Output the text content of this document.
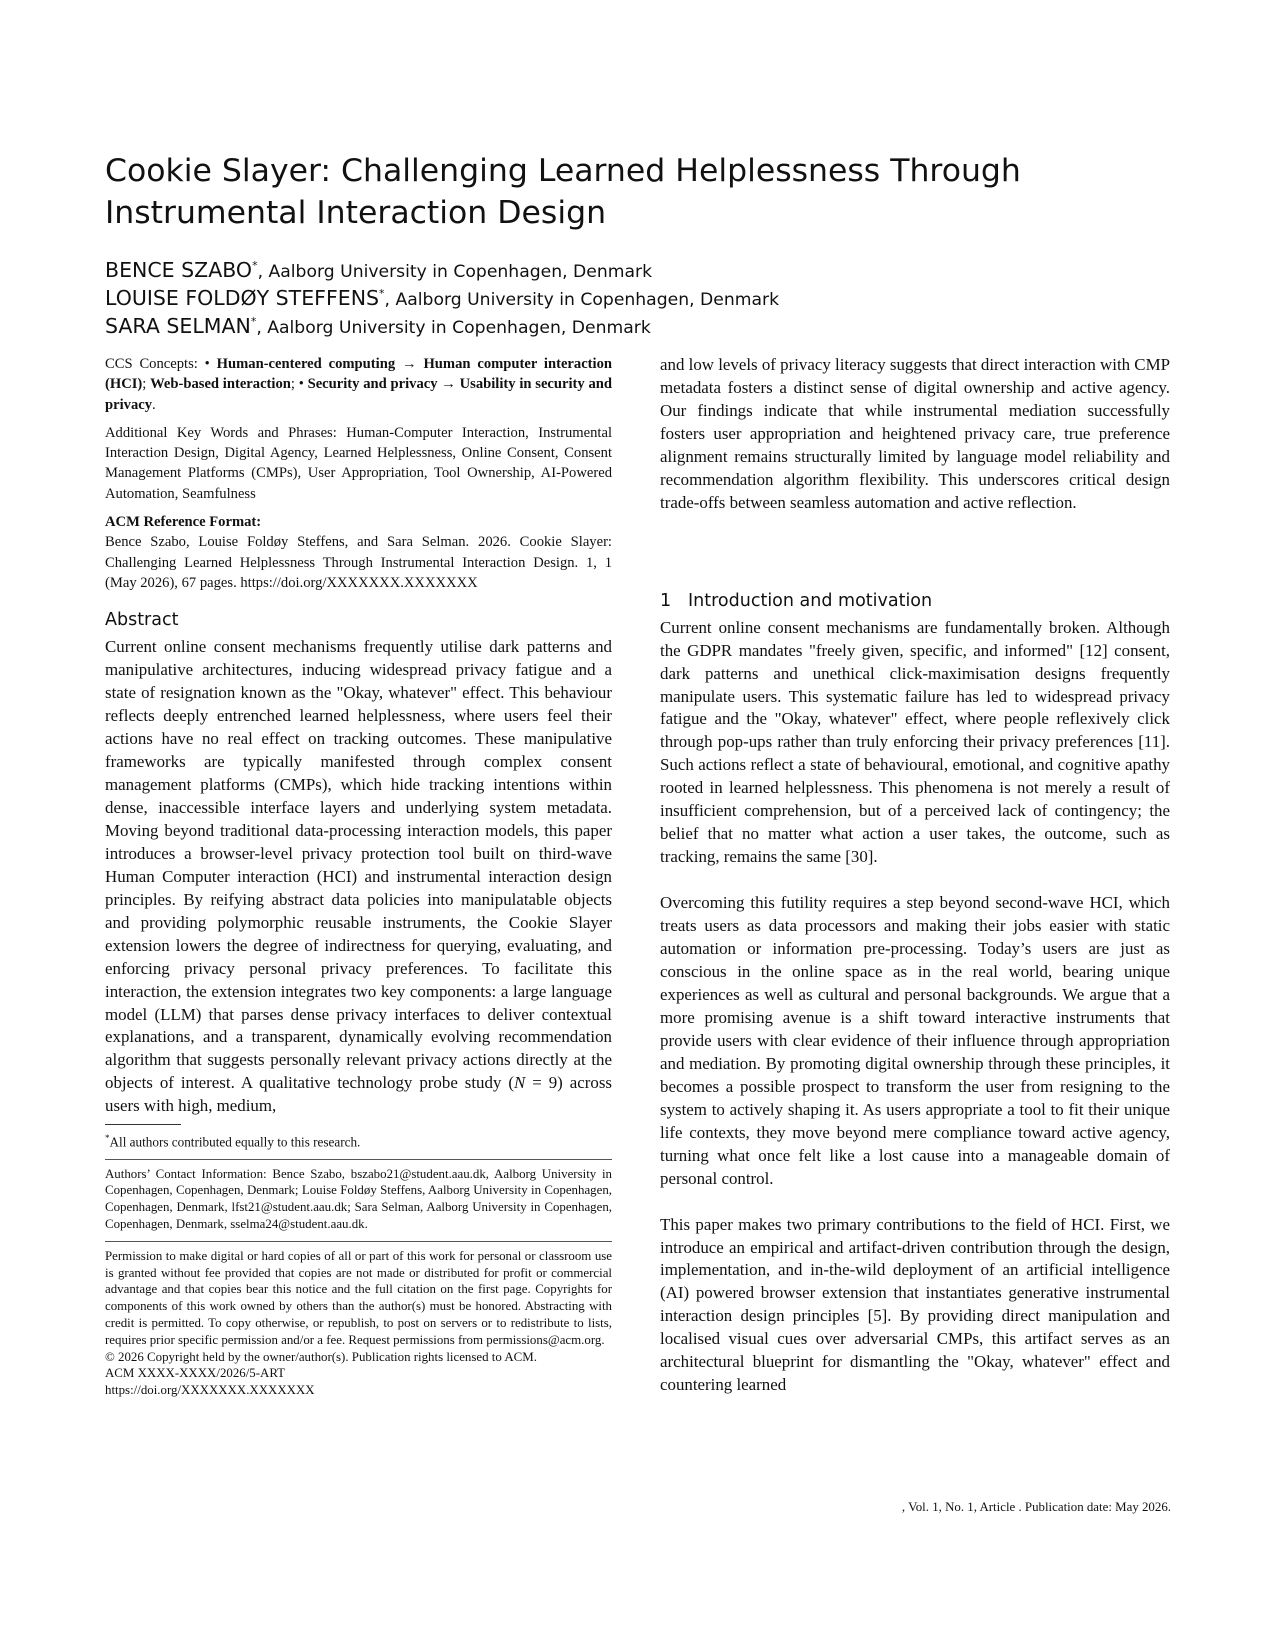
Cookie Slayer: Challenging Learned Helplessness Through Instrumental Interaction Design
BENCE SZABO*, Aalborg University in Copenhagen, Denmark
LOUISE FOLDØY STEFFENS*, Aalborg University in Copenhagen, Denmark
SARA SELMAN*, Aalborg University in Copenhagen, Denmark

CCS Concepts: • Human-centered computing → Human computer interaction (HCI); Web-based interaction; • Security and privacy → Usability in security and privacy.

Additional Key Words and Phrases: Human-Computer Interaction, Instrumental Interaction Design, Digital Agency, Learned Helplessness, Online Consent, Consent Management Platforms (CMPs), User Appropriation, Tool Ownership, AI-Powered Automation, Seamfulness

ACM Reference Format:

Bence Szabo, Louise Foldøy Steffens, and Sara Selman. 2026. Cookie Slayer: Challenging Learned Helplessness Through Instrumental Interaction Design. 1, 1 (May 2026), 67 pages. https://doi.org/XXXXXXX.XXXXXXX

Abstract

Current online consent mechanisms frequently utilise dark patterns and manipulative architectures, inducing widespread privacy fatigue and a state of resignation known as the "Okay, whatever" effect. This behaviour reflects deeply entrenched learned helplessness, where users feel their actions have no real effect on tracking outcomes. These manipulative frameworks are typically manifested through complex consent management platforms (CMPs), which hide tracking intentions within dense, inaccessible interface layers and underlying system metadata. Moving beyond traditional data-processing interaction models, this paper introduces a browser-level privacy protection tool built on third-wave Human Computer interaction (HCI) and instrumental interaction design principles. By reifying abstract data policies into manipulatable objects and providing polymorphic reusable instruments, the Cookie Slayer extension lowers the degree of indirectness for querying, evaluating, and enforcing privacy personal privacy preferences. To facilitate this interaction, the extension integrates two key components: a large language model (LLM) that parses dense privacy interfaces to deliver contextual explanations, and a transparent, dynamically evolving recommendation algorithm that suggests personally relevant privacy actions directly at the objects of interest. A qualitative technology probe study (N = 9) across users with high, medium,

*All authors contributed equally to this research.

Authors’ Contact Information: Bence Szabo, bszabo21@student.aau.dk, Aalborg University in Copenhagen, Copenhagen, Denmark; Louise Foldøy Steffens, Aalborg University in Copenhagen, Copenhagen, Denmark, lfst21@student.aau.dk; Sara Selman, Aalborg University in Copenhagen, Copenhagen, Denmark, sselma24@student.aau.dk.

Permission to make digital or hard copies of all or part of this work for personal or classroom use is granted without fee provided that copies are not made or distributed for profit or commercial advantage and that copies bear this notice and the full citation on the first page. Copyrights for components of this work owned by others than the author(s) must be honored. Abstracting with credit is permitted. To copy otherwise, or republish, to post on servers or to redistribute to lists, requires prior specific permission and/or a fee. Request permissions from permissions@acm.org.

© 2026 Copyright held by the owner/author(s). Publication rights licensed to ACM.

ACM XXXX-XXXX/2026/5-ART

https://doi.org/XXXXXXX.XXXXXXX

and low levels of privacy literacy suggests that direct interaction with CMP metadata fosters a distinct sense of digital ownership and active agency. Our findings indicate that while instrumental mediation successfully fosters user appropriation and heightened privacy care, true preference alignment remains structurally limited by language model reliability and recommendation algorithm flexibility. This underscores critical design trade-offs between seamless automation and active reflection.

1 Introduction and motivation

Current online consent mechanisms are fundamentally broken. Although the GDPR mandates "freely given, specific, and informed" [12] consent, dark patterns and unethical click-maximisation designs frequently manipulate users. This systematic failure has led to widespread privacy fatigue and the "Okay, whatever" effect, where people reflexively click through pop-ups rather than truly enforcing their privacy preferences [11]. Such actions reflect a state of behavioural, emotional, and cognitive apathy rooted in learned helplessness. This phenomena is not merely a result of insufficient comprehension, but of a perceived lack of contingency; the belief that no matter what action a user takes, the outcome, such as tracking, remains the same [30].

Overcoming this futility requires a step beyond second-wave HCI, which treats users as data processors and making their jobs easier with static automation or information pre-processing. Today’s users are just as conscious in the online space as in the real world, bearing unique experiences as well as cultural and personal backgrounds. We argue that a more promising avenue is a shift toward interactive instruments that provide users with clear evidence of their influence through appropriation and mediation. By promoting digital ownership through these principles, it becomes a possible prospect to transform the user from resigning to the system to actively shaping it. As users appropriate a tool to fit their unique life contexts, they move beyond mere compliance toward active agency, turning what once felt like a lost cause into a manageable domain of personal control.

This paper makes two primary contributions to the field of HCI. First, we introduce an empirical and artifact-driven contribution through the design, implementation, and in-the-wild deployment of an artificial intelligence (AI) powered browser extension that instantiates generative instrumental interaction design principles [5]. By providing direct manipulation and localised visual cues over adversarial CMPs, this artifact serves as an architectural blueprint for dismantling the "Okay, whatever" effect and countering learned

, Vol. 1, No. 1, Article . Publication date: May 2026.
